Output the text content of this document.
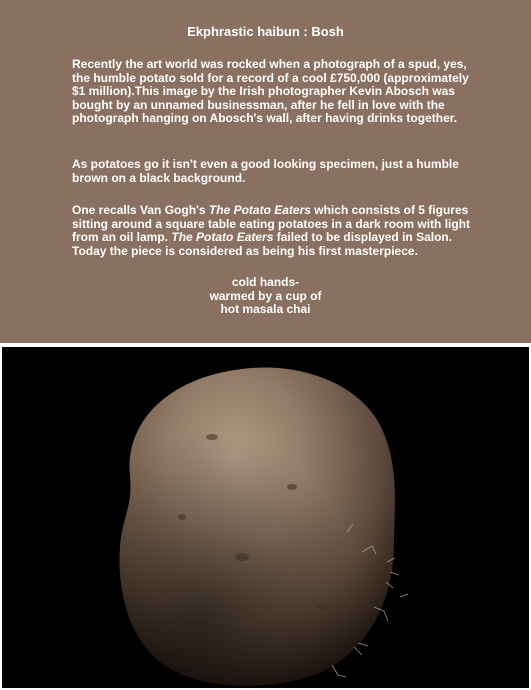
Ekphrastic haibun : Bosh

Recently the art world was rocked when a photograph of a spud, yes, the humble potato sold for a record of a cool £750,000 (approximately $1 million).This image by the Irish photographer Kevin Abosch was bought by an unnamed businessman, after he fell in love with the photograph hanging on Abosch's wall, after having drinks together.

As potatoes go it isn't even a good looking specimen, just a humble brown on a black background.

One recalls Van Gogh's The Potato Eaters which consists of 5 figures sitting around a square table eating potatoes in a dark room with light from an oil lamp. The Potato Eaters failed to be displayed in Salon. Today the piece is considered as being his first masterpiece.

cold hands-
warmed by a cup of
hot masala chai
